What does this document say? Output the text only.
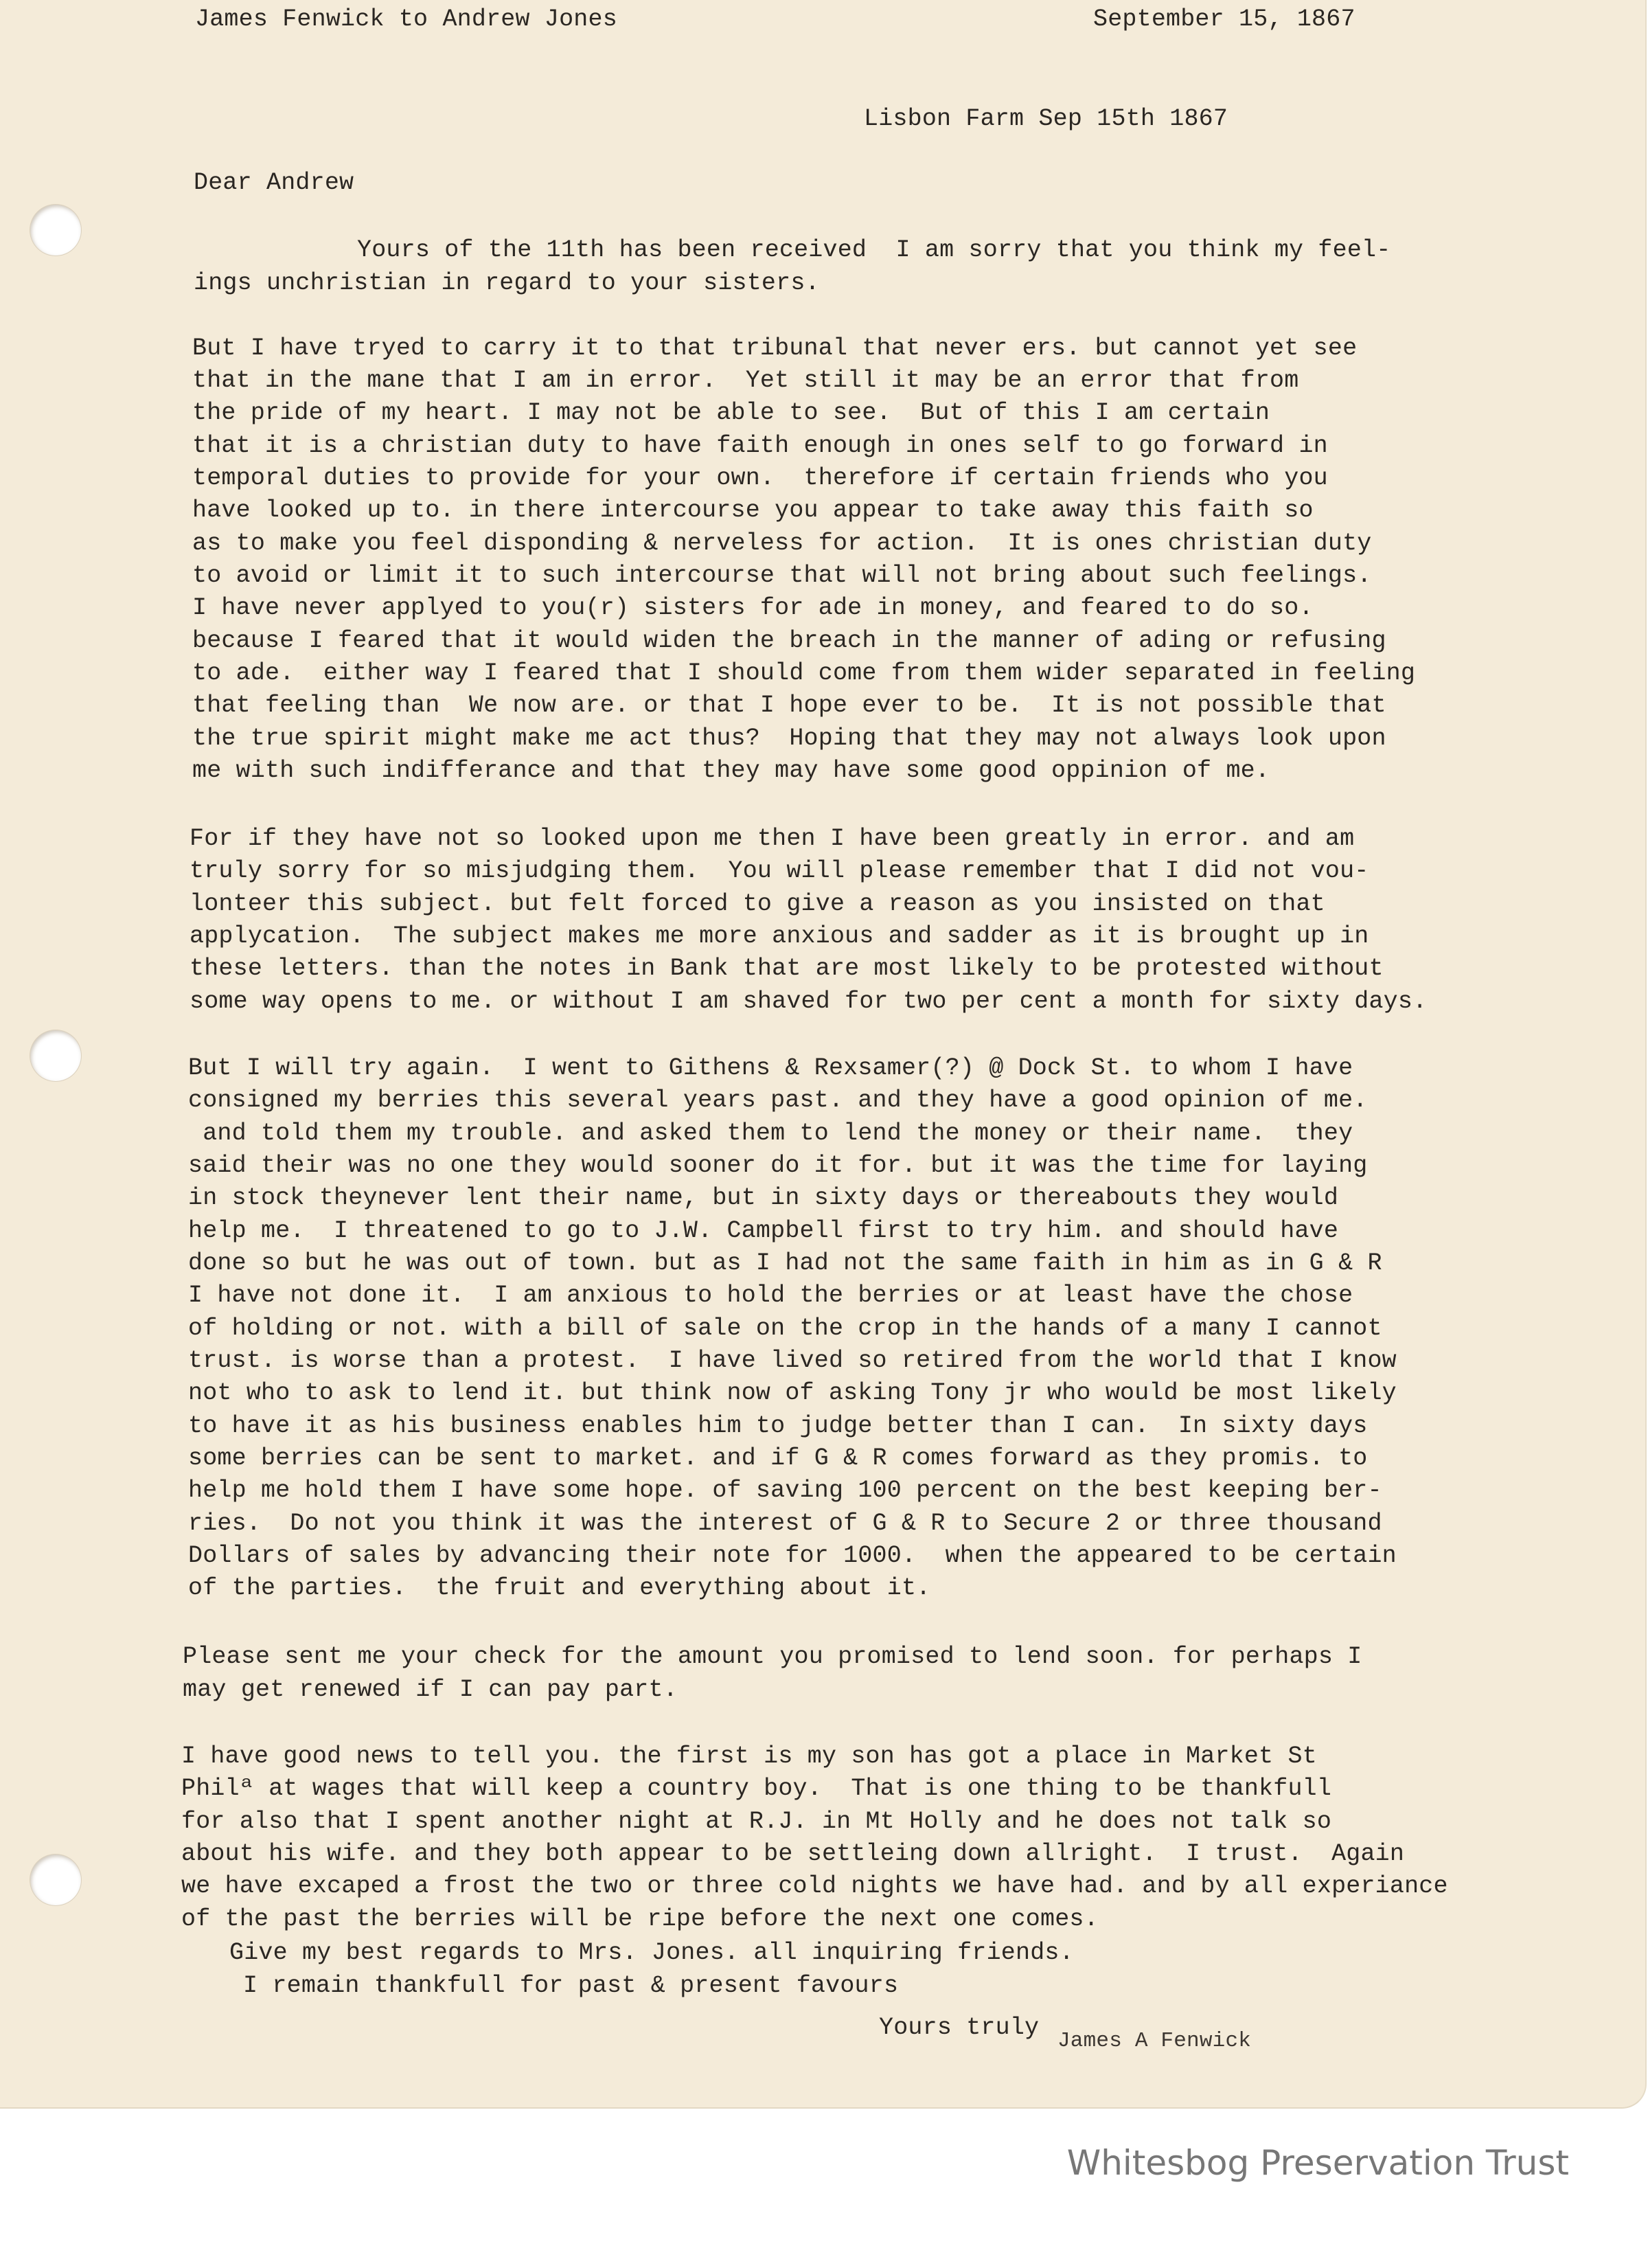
James Fenwick to Andrew Jones	September 15, 1867

Lisbon Farm Sep 15th 1867

Dear Andrew

Yours of the 11th has been received  I am sorry that you think my feel-

ings unchristian in regard to your sisters.

But I have tryed to carry it to that tribunal that never ers. but cannot yet see

that in the mane that I am in error.  Yet still it may be an error that from

the pride of my heart. I may not be able to see.  But of this I am certain

that it is a christian duty to have faith enough in ones self to go forward in

temporal duties to provide for your own.  therefore if certain friends who you

have looked up to. in there intercourse you appear to take away this faith so

as to make you feel disponding & nerveless for action.  It is ones christian duty

to avoid or limit it to such intercourse that will not bring about such feelings.

I have never applyed to you(r) sisters for ade in money, and feared to do so.

because I feared that it would widen the breach in the manner of ading or refusing

to ade.  either way I feared that I should come from them wider separated in feeling

that feeling than  We now are. or that I hope ever to be.  It is not possible that

the true spirit might make me act thus?  Hoping that they may not always look upon

me with such indifferance and that they may have some good oppinion of me.

For if they have not so looked upon me then I have been greatly in error. and am

truly sorry for so misjudging them.  You will please remember that I did not vou-

lonteer this subject. but felt forced to give a reason as you insisted on that

applycation.  The subject makes me more anxious and sadder as it is brought up in

these letters. than the notes in Bank that are most likely to be protested without

some way opens to me. or without I am shaved for two per cent a month for sixty days.

But I will try again.  I went to Githens & Rexsamer(?) @ Dock St. to whom I have

consigned my berries this several years past. and they have a good opinion of me.

and told them my trouble. and asked them to lend the money or their name.  they

said their was no one they would sooner do it for. but it was the time for laying

in stock theynever lent their name, but in sixty days or thereabouts they would

help me.  I threatened to go to J.W. Campbell first to try him. and should have

done so but he was out of town. but as I had not the same faith in him as in G & R

I have not done it.  I am anxious to hold the berries or at least have the chose

of holding or not. with a bill of sale on the crop in the hands of a many I cannot

trust. is worse than a protest.  I have lived so retired from the world that I know

not who to ask to lend it. but think now of asking Tony jr who would be most likely

to have it as his business enables him to judge better than I can.  In sixty days

some berries can be sent to market. and if G & R comes forward as they promis. to

help me hold them I have some hope. of saving 100 percent on the best keeping ber-

ries.  Do not you think it was the interest of G & R to Secure 2 or three thousand

Dollars of sales by advancing their note for 1000.  when the appeared to be certain

of the parties.  the fruit and everything about it.

Please sent me your check for the amount you promised to lend soon. for perhaps I

may get renewed if I can pay part.

I have good news to tell you. the first is my son has got a place in Market St

Philª at wages that will keep a country boy.  That is one thing to be thankfull

for also that I spent another night at R.J. in Mt Holly and he does not talk so

about his wife. and they both appear to be settleing down allright.  I trust.  Again

we have excaped a frost the two or three cold nights we have had. and by all experiance

of the past the berries will be ripe before the next one comes.

Give my best regards to Mrs. Jones. all inquiring friends.

I remain thankfull for past & present favours

Yours truly James A Fenwick

Whitesbog Preservation Trust
